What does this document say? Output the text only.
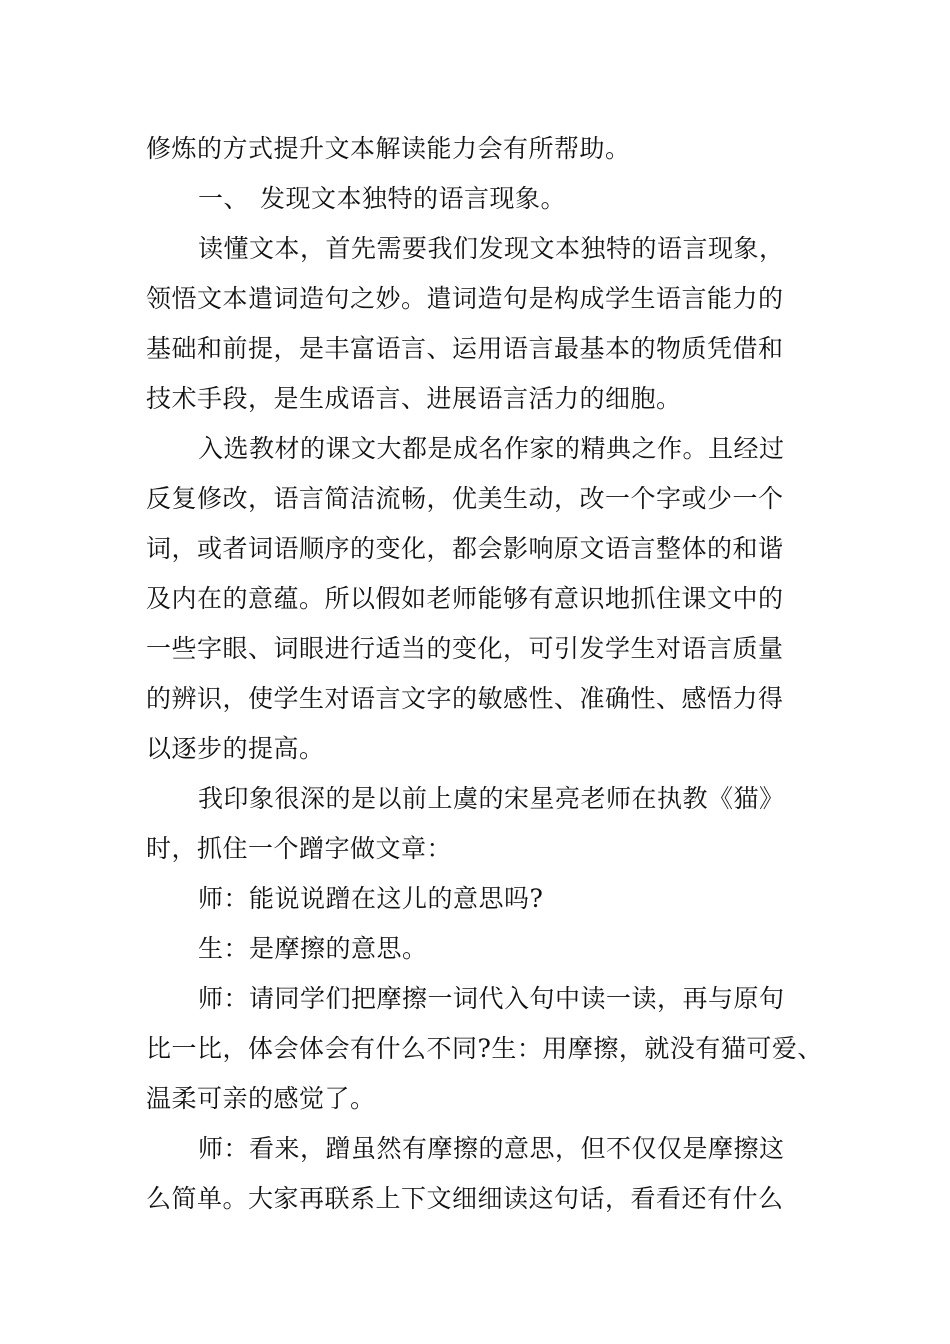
修炼的方式提升文本解读能力会有所帮助。
一、 发现文本独特的语言现象。
读懂文本，首先需要我们发现文本独特的语言现象，
领悟文本遣词造句之妙。遣词造句是构成学生语言能力的
基础和前提，是丰富语言、运用语言最基本的物质凭借和
技术手段，是生成语言、进展语言活力的细胞。
入选教材的课文大都是成名作家的精典之作。且经过
反复修改，语言简洁流畅，优美生动，改一个字或少一个
词，或者词语顺序的变化，都会影响原文语言整体的和谐
及内在的意蕴。所以假如老师能够有意识地抓住课文中的
一些字眼、词眼进行适当的变化，可引发学生对语言质量
的辨识，使学生对语言文字的敏感性、准确性、感悟力得
以逐步的提高。
我印象很深的是以前上虞的宋星亮老师在执教《猫》
时，抓住一个蹭字做文章：
师：能说说蹭在这儿的意思吗?
生：是摩擦的意思。
师：请同学们把摩擦一词代入句中读一读，再与原句
比一比，体会体会有什么不同?生：用摩擦，就没有猫可爱、
温柔可亲的感觉了。
师：看来，蹭虽然有摩擦的意思，但不仅仅是摩擦这
么简单。大家再联系上下文细细读这句话，看看还有什么
